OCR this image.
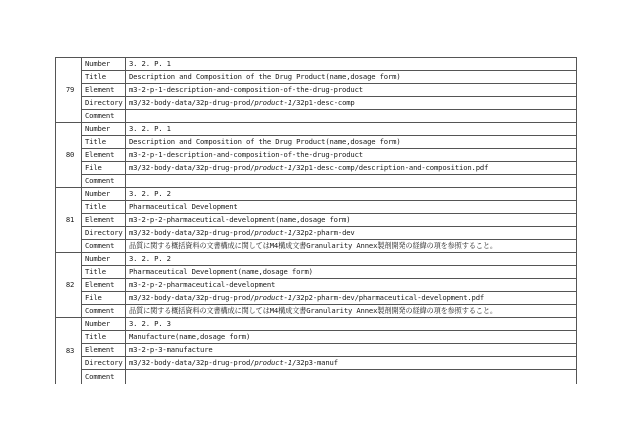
79	Number	3. 2. P. 1
	Title	Description and Composition of the Drug Product(name,dosage form)
	Element	m3-2-p-1-description-and-composition-of-the-drug-product
	Directory	m3/32-body-data/32p-drug-prod/product-1/32p1-desc-comp
	Comment	
80	Number	3. 2. P. 1
	Title	Description and Composition of the Drug Product(name,dosage form)
	Element	m3-2-p-1-description-and-composition-of-the-drug-product
	File	m3/32-body-data/32p-drug-prod/product-1/32p1-desc-comp/description-and-composition.pdf
	Comment	
81	Number	3. 2. P. 2
	Title	Pharmaceutical Development
	Element	m3-2-p-2-pharmaceutical-development(name,dosage form)
	Directory	m3/32-body-data/32p-drug-prod/product-1/32p2-pharm-dev
	Comment	品質に関する概括資料の文書構成に関してはM4構成文書Granularity Annex製剤開発の経緯の項を参照すること。
82	Number	3. 2. P. 2
	Title	Pharmaceutical Development(name,dosage form)
	Element	m3-2-p-2-pharmaceutical-development
	File	m3/32-body-data/32p-drug-prod/product-1/32p2-pharm-dev/pharmaceutical-development.pdf
	Comment	品質に関する概括資料の文書構成に関してはM4構成文書Granularity Annex製剤開発の経緯の項を参照すること。
83	Number	3. 2. P. 3
	Title	Manufacture(name,dosage form)
	Element	m3-2-p-3-manufacture
	Directory	m3/32-body-data/32p-drug-prod/product-1/32p3-manuf
	Comment	
